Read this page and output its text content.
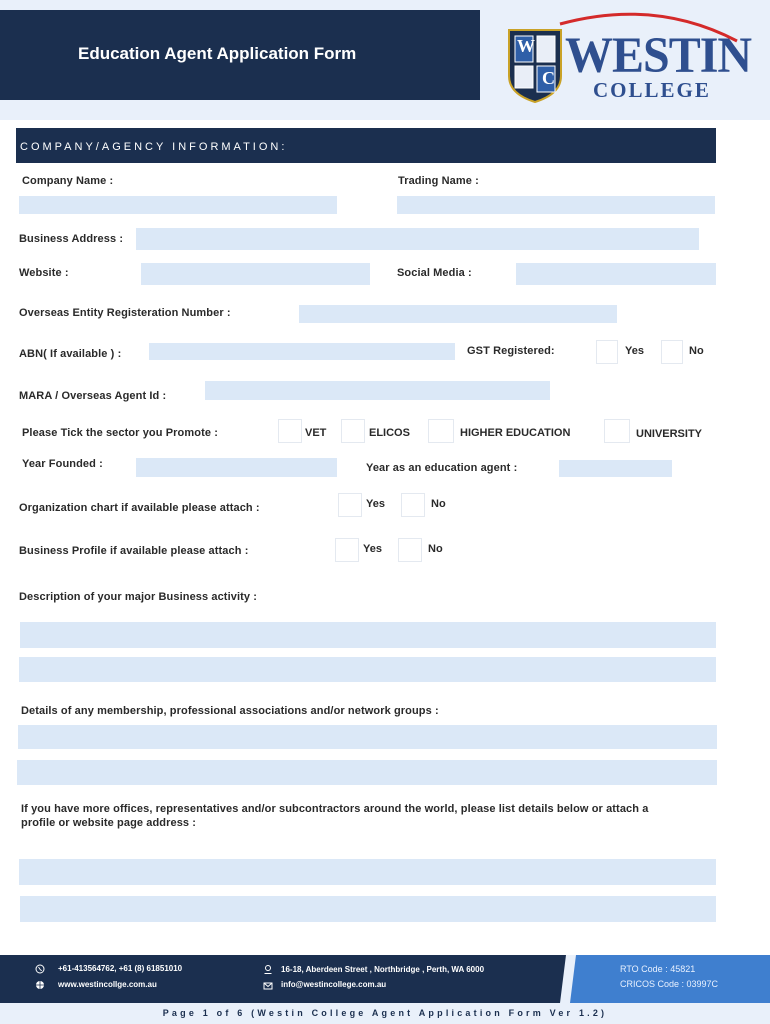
Education Agent Application Form	W
C WESTIN
COLLEGE
COMPANY/AGENCY INFORMATION:
Company Name :	Trading Name :
Business Address :
Website :	Social Media :
Overseas Entity Registeration Number :
ABN( If available ) :	GST Registered:	Yes	No
MARA / Overseas Agent Id :
Please Tick the sector you Promote :	VET	ELICOS	HIGHER EDUCATION	UNIVERSITY
Year Founded :	Year as an education agent :
Organization chart if available please attach :	Yes	No
Business Profile if available please attach :	Yes	No
Description of your major Business activity :
Details of any membership, professional associations and/or network groups :
If you have more offices, representatives and/or subcontractors around the world, please list details below or attach a
profile or website page address :
+61-413564762, +61 (8) 61851010
www.westincollge.com.au
16-18, Aberdeen Street , Northbridge , Perth, WA 6000
info@westincollege.com.au
RTO Code : 45821
CRICOS Code : 03997C
Page 1 of 6 (Westin College Agent Application Form Ver 1.2)
